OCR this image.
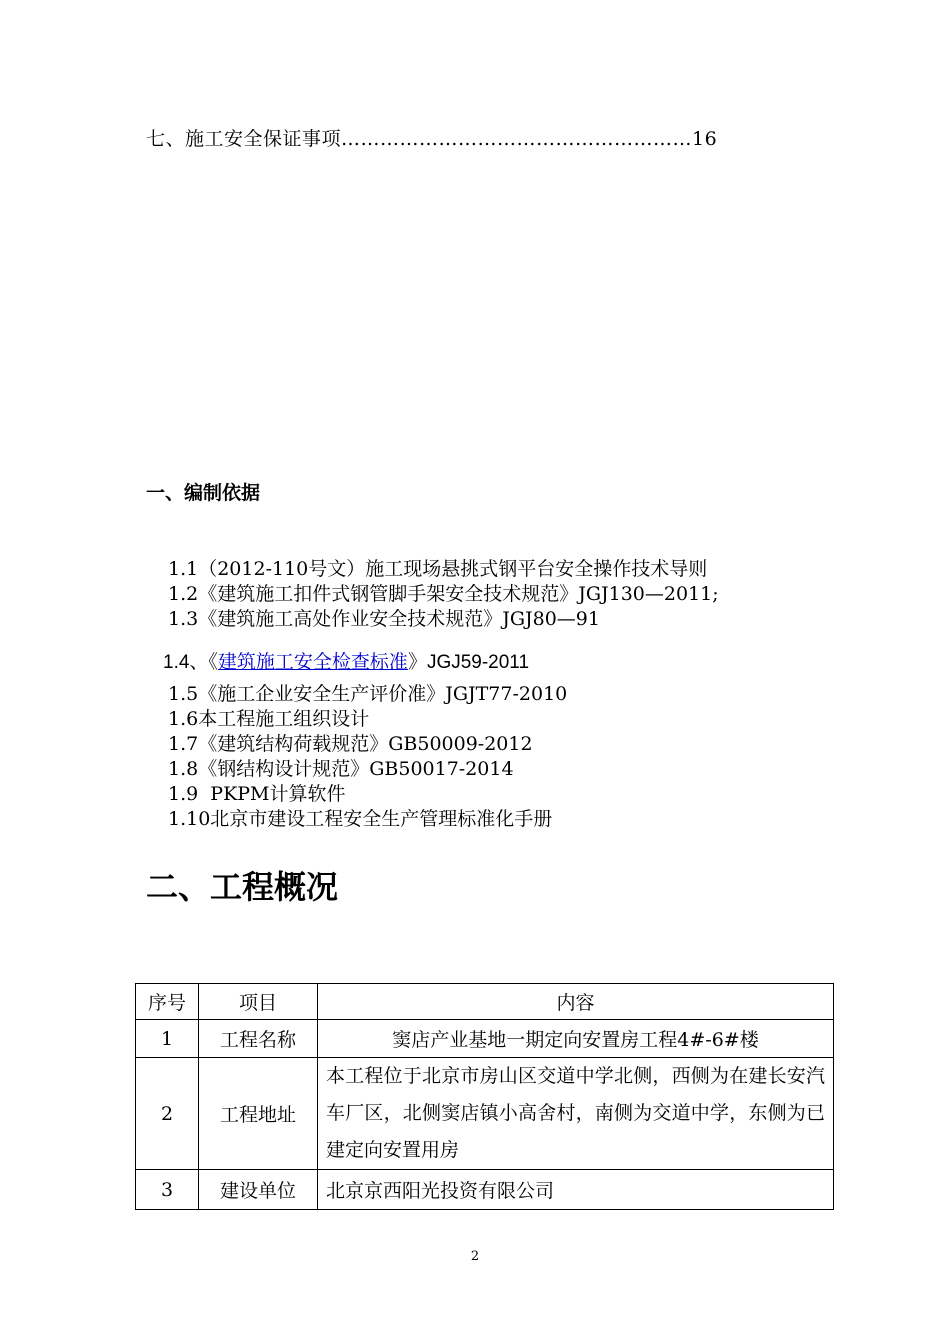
七、施工安全保证事项………………………………………………16
一、编制依据
1.1（2012-110号文）施工现场悬挑式钢平台安全操作技术导则
1.2《建筑施工扣件式钢管脚手架安全技术规范》JGJ130—2011;
1.3《建筑施工高处作业安全技术规范》JGJ80—91
1.4、《建筑施工安全检查标准》JGJ59-2011
1.5《施工企业安全生产评价准》JGJT77-2010
1.6本工程施工组织设计
1.7《建筑结构荷载规范》GB50009-2012
1.8《钢结构设计规范》GB50017-2014
1.9  PKPM计算软件
1.10北京市建设工程安全生产管理标准化手册
二、工程概况
序号	项目	内容
1	工程名称	窦店产业基地一期定向安置房工程4#-6#楼
2	工程地址	本工程位于北京市房山区交道中学北侧，西侧为在建长安汽车厂区，北侧窦店镇小高舍村，南侧为交道中学，东侧为已建定向安置用房
3	建设单位	北京京西阳光投资有限公司
2
